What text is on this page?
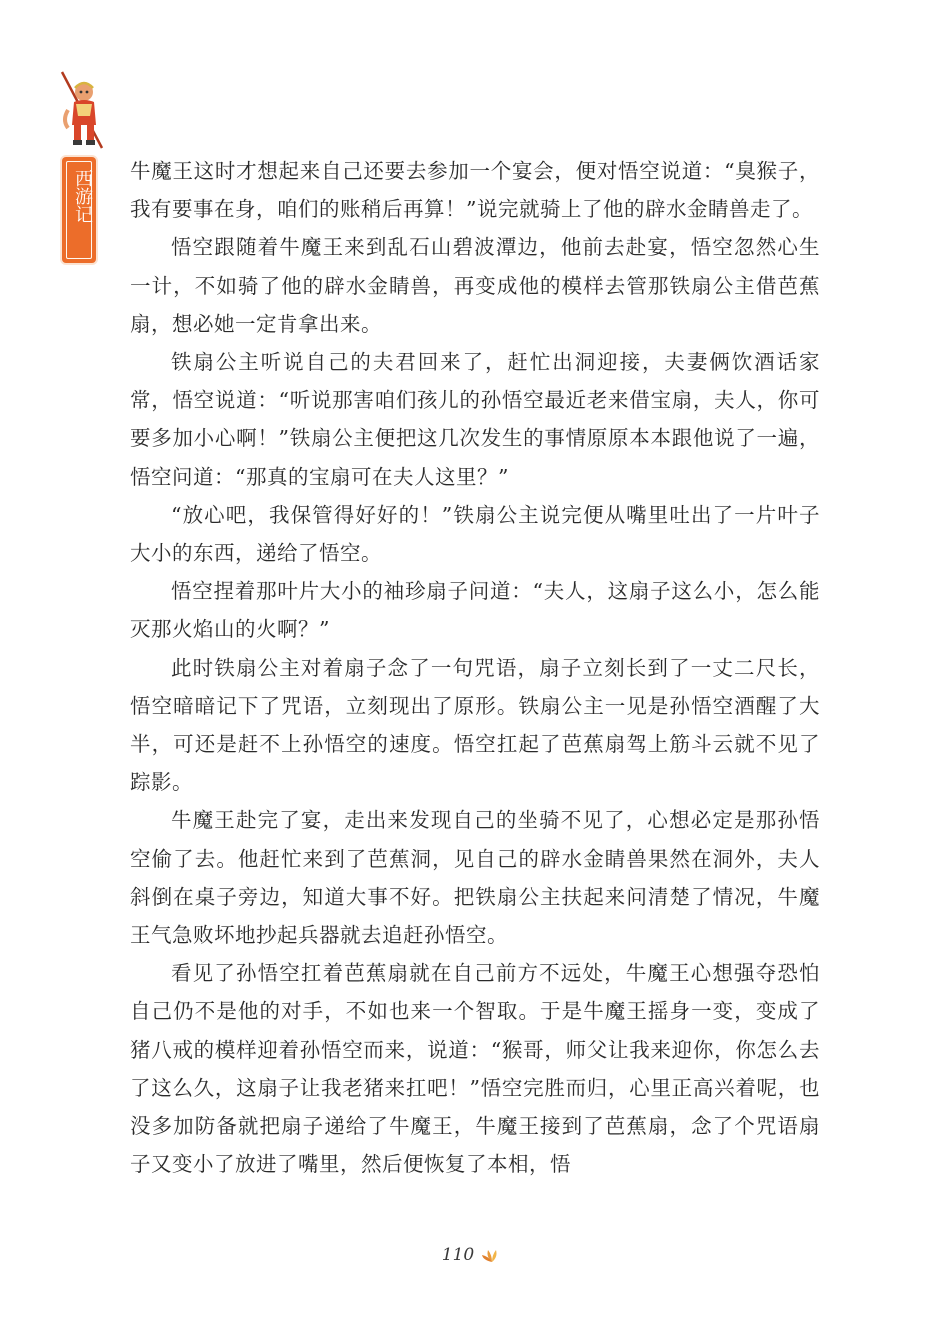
西游记 牛魔王这时才想起来自己还要去参加一个宴会，便对悟空说道：“臭猴子，我有要事在身，咱们的账稍后再算！”说完就骑上了他的辟水金睛兽走了。

悟空跟随着牛魔王来到乱石山碧波潭边，他前去赴宴，悟空忽然心生一计，不如骑了他的辟水金睛兽，再变成他的模样去管那铁扇公主借芭蕉扇，想必她一定肯拿出来。

铁扇公主听说自己的夫君回来了，赶忙出洞迎接，夫妻俩饮酒话家常，悟空说道：“听说那害咱们孩儿的孙悟空最近老来借宝扇，夫人，你可要多加小心啊！”铁扇公主便把这几次发生的事情原原本本跟他说了一遍，悟空问道：“那真的宝扇可在夫人这里？”

“放心吧，我保管得好好的！”铁扇公主说完便从嘴里吐出了一片叶子大小的东西，递给了悟空。

悟空捏着那叶片大小的袖珍扇子问道：“夫人，这扇子这么小，怎么能灭那火焰山的火啊？”

此时铁扇公主对着扇子念了一句咒语，扇子立刻长到了一丈二尺长，悟空暗暗记下了咒语，立刻现出了原形。铁扇公主一见是孙悟空酒醒了大半，可还是赶不上孙悟空的速度。悟空扛起了芭蕉扇驾上筋斗云就不见了踪影。

牛魔王赴完了宴，走出来发现自己的坐骑不见了，心想必定是那孙悟空偷了去。他赶忙来到了芭蕉洞，见自己的辟水金睛兽果然在洞外，夫人斜倒在桌子旁边，知道大事不好。把铁扇公主扶起来问清楚了情况，牛魔王气急败坏地抄起兵器就去追赶孙悟空。

看见了孙悟空扛着芭蕉扇就在自己前方不远处，牛魔王心想强夺恐怕自己仍不是他的对手，不如也来一个智取。于是牛魔王摇身一变，变成了猪八戒的模样迎着孙悟空而来，说道：“猴哥，师父让我来迎你，你怎么去了这么久，这扇子让我老猪来扛吧！”悟空完胜而归，心里正高兴着呢，也没多加防备就把扇子递给了牛魔王，牛魔王接到了芭蕉扇，念了个咒语扇子又变小了放进了嘴里，然后便恢复了本相，悟

110
